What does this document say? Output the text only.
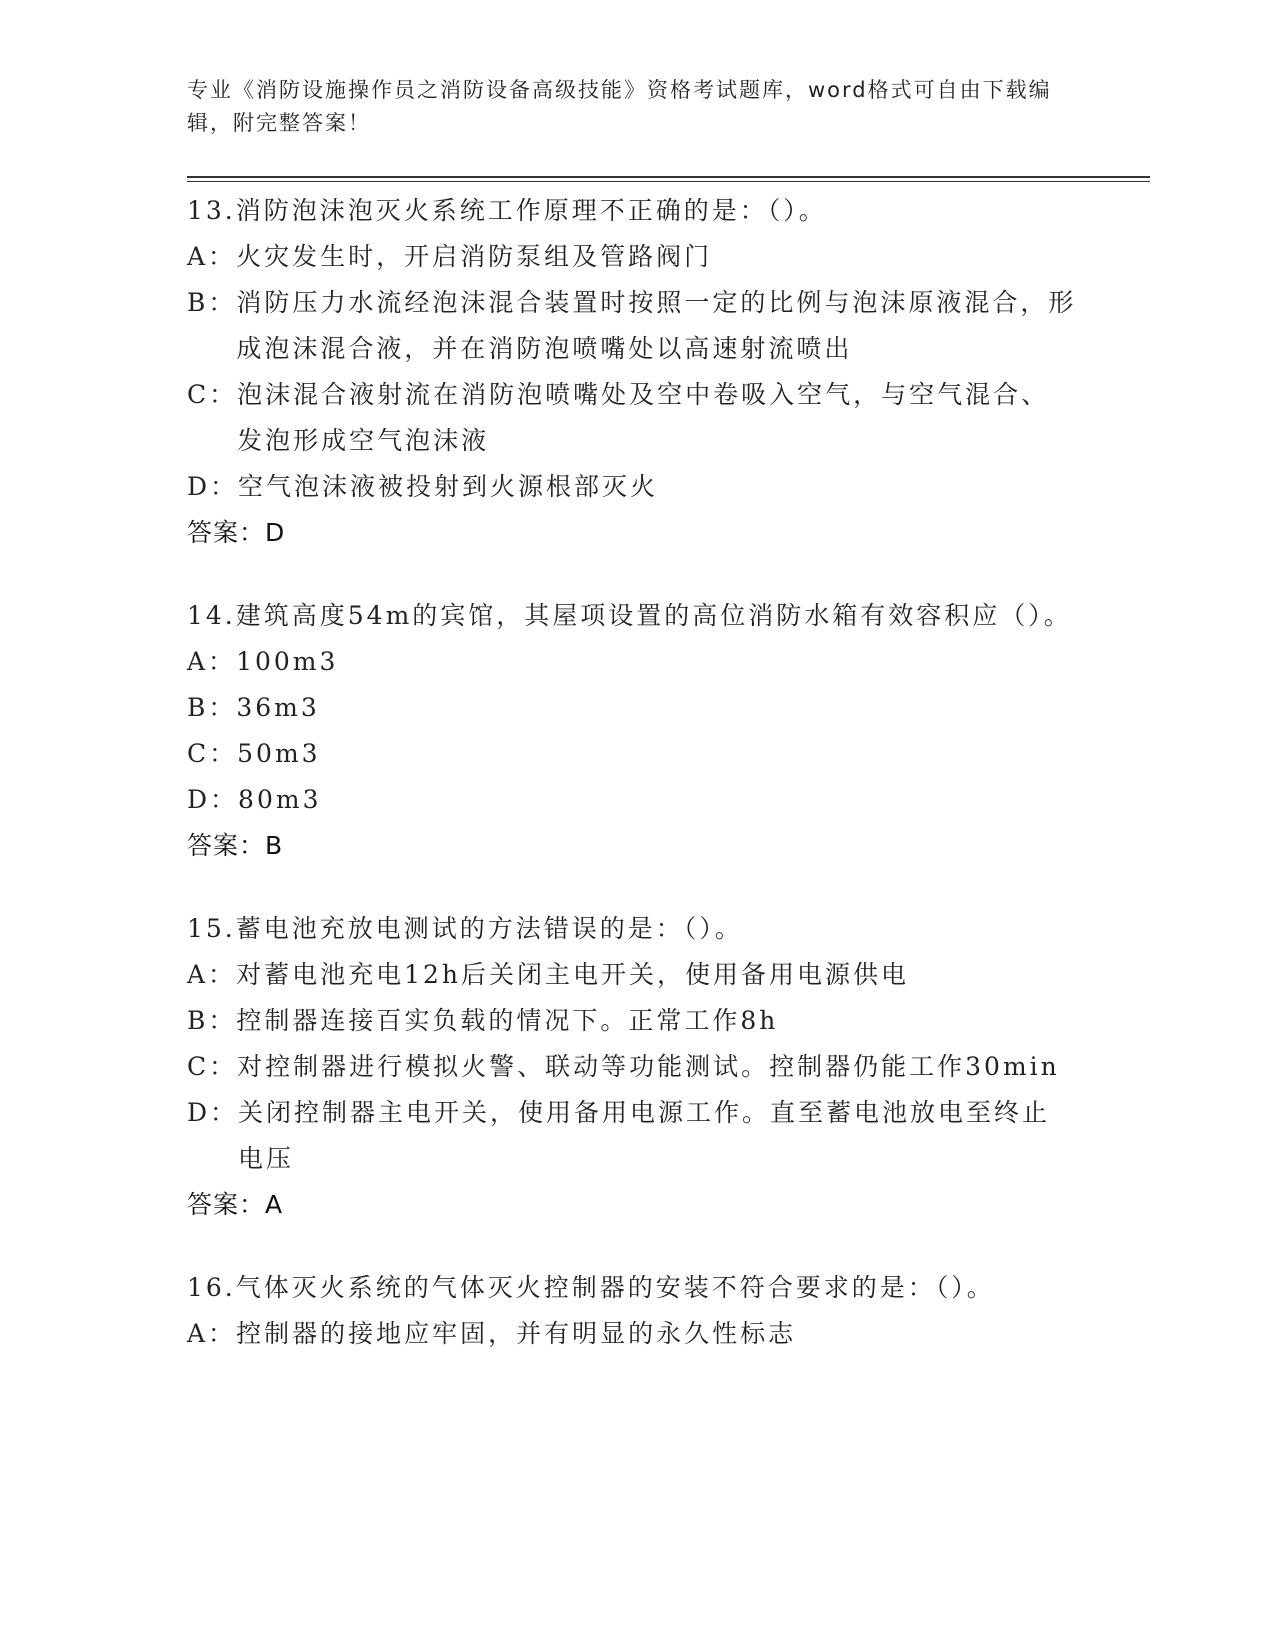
专业《消防设施操作员之消防设备高级技能》资格考试题库，word格式可自由下载编辑，附完整答案！

13.消防泡沫泡灭火系统工作原理不正确的是：（）。

A： 火灾发生时，开启消防泵组及管路阀门
B： 消防压力水流经泡沫混合装置时按照一定的比例与泡沫原液混合，形成泡沫混合液，并在消防泡喷嘴处以高速射流喷出
C： 泡沫混合液射流在消防泡喷嘴处及空中卷吸入空气，与空气混合、发泡形成空气泡沫液
D： 空气泡沫液被投射到火源根部灭火

答案：D

14.建筑高度54m的宾馆，其屋项设置的高位消防水箱有效容积应（）。

A： 100m3
B： 36m3
C： 50m3
D： 80m3

答案：B

15.蓄电池充放电测试的方法错误的是：（）。

A： 对蓄电池充电12h后关闭主电开关，使用备用电源供电
B： 控制器连接百实负载的情况下。正常工作8h
C： 对控制器进行模拟火警、联动等功能测试。控制器仍能工作30min
D： 关闭控制器主电开关，使用备用电源工作。直至蓄电池放电至终止电压

答案：A

16.气体灭火系统的气体灭火控制器的安装不符合要求的是：（）。

A： 控制器的接地应牢固，并有明显的永久性标志
